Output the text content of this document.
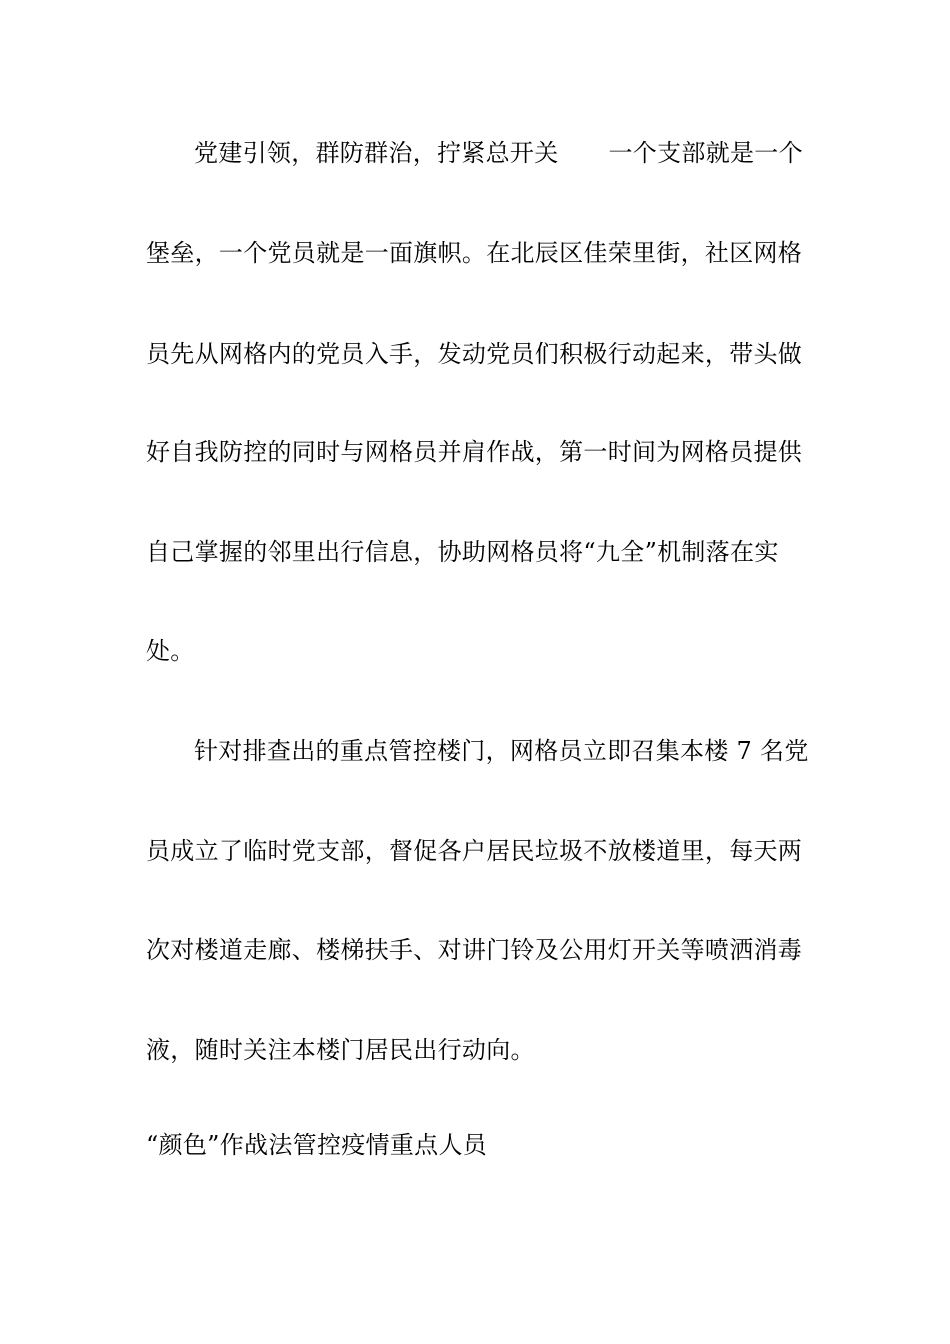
党建引领，群防群治，拧紧总开关 一个支部就是一个
堡垒，一个党员就是一面旗帜。在北辰区佳荣里街，社区网格
员先从网格内的党员入手，发动党员们积极行动起来，带头做
好自我防控的同时与网格员并肩作战，第一时间为网格员提供
自己掌握的邻里出行信息，协助网格员将“九全”机制落在实
处。
针对排查出的重点管控楼门，网格员立即召集本楼 7 名党
员成立了临时党支部，督促各户居民垃圾不放楼道里，每天两
次对楼道走廊、楼梯扶手、对讲门铃及公用灯开关等喷洒消毒
液，随时关注本楼门居民出行动向。
“颜色”作战法管控疫情重点人员
